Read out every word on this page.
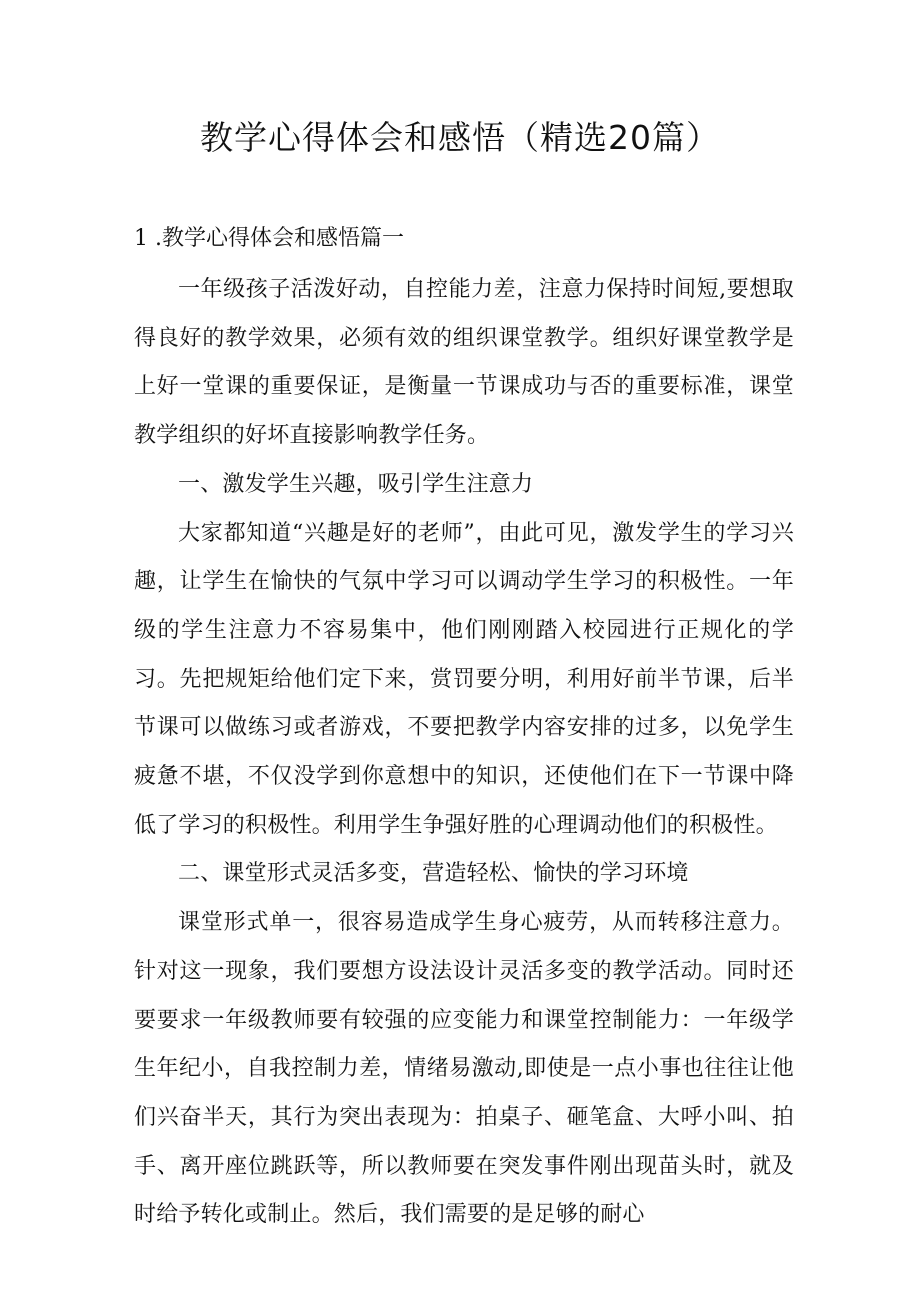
教学心得体会和感悟（精选20篇）
1 .教学心得体会和感悟篇一

一年级孩子活泼好动，自控能力差，注意力保持时间短,要想取得良好的教学效果，必须有效的组织课堂教学。组织好课堂教学是上好一堂课的重要保证，是衡量一节课成功与否的重要标准，课堂教学组织的好坏直接影响教学任务。

一、激发学生兴趣，吸引学生注意力

大家都知道“兴趣是好的老师”，由此可见，激发学生的学习兴趣，让学生在愉快的气氛中学习可以调动学生学习的积极性。一年级的学生注意力不容易集中，他们刚刚踏入校园进行正规化的学习。先把规矩给他们定下来，赏罚要分明，利用好前半节课，后半节课可以做练习或者游戏，不要把教学内容安排的过多，以免学生疲惫不堪，不仅没学到你意想中的知识，还使他们在下一节课中降低了学习的积极性。利用学生争强好胜的心理调动他们的积极性。

二、课堂形式灵活多变，营造轻松、愉快的学习环境

课堂形式单一，很容易造成学生身心疲劳，从而转移注意力。针对这一现象，我们要想方设法设计灵活多变的教学活动。同时还要要求一年级教师要有较强的应变能力和课堂控制能力：一年级学生年纪小，自我控制力差，情绪易激动,即使是一点小事也往往让他们兴奋半天，其行为突出表现为：拍桌子、砸笔盒、大呼小叫、拍手、离开座位跳跃等，所以教师要在突发事件刚出现苗头时，就及时给予转化或制止。然后，我们需要的是足够的耐心
